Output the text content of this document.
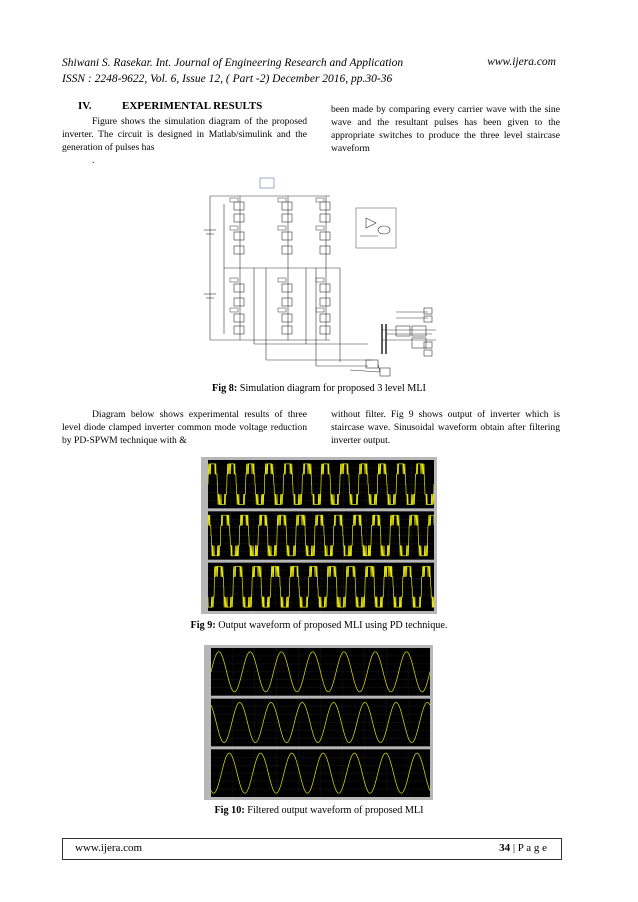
Shiwani S. Rasekar. Int. Journal of Engineering Research and Application
ISSN : 2248-9622, Vol. 6, Issue 12, ( Part -2) December 2016, pp.30-36
www.ijera.com
IV.	EXPERIMENTAL RESULTS

Figure shows the simulation diagram of the proposed inverter. The circuit is designed in Matlab/simulink and the generation of pulses has

.

been made by comparing every carrier wave with the sine wave and the resultant pulses has been given to the appropriate switches to produce the three level staircase waveform

Fig 8: Simulation diagram for proposed 3 level MLI

Diagram below shows experimental results of three level diode clamped inverter common mode voltage reduction by PD-SPWM technique with &

without filter. Fig 9 shows output of inverter which is staircase wave. Sinusoidal waveform obtain after filtering inverter output.

Fig 9: Output waveform of proposed MLI using PD technique.
Fig 10: Filtered output waveform of proposed MLI
www.ijera.com	34 | P a g e
